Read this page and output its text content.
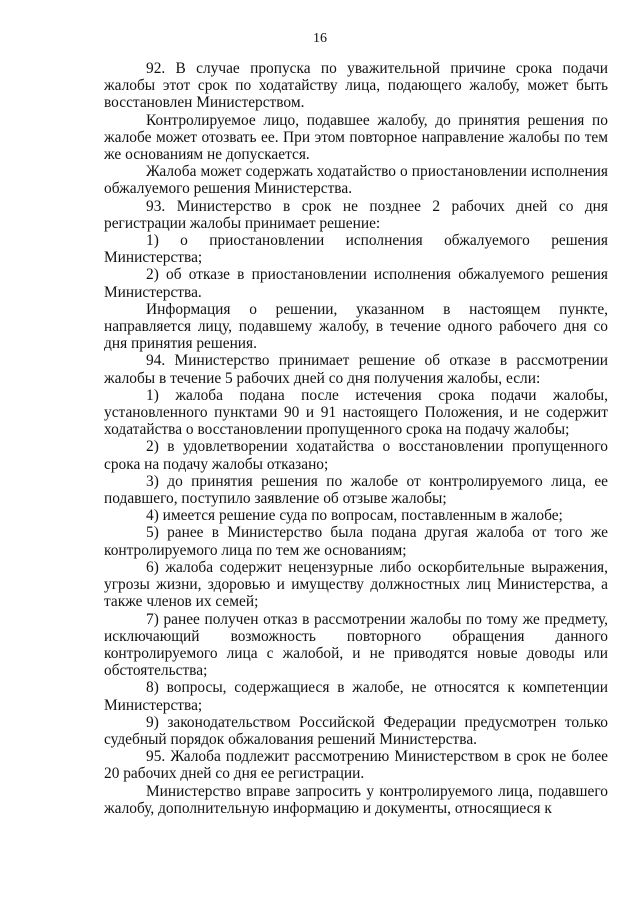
16

92. В случае пропуска по уважительной причине срока подачи жалобы этот срок по ходатайству лица, подающего жалобу, может быть восстановлен Министерством.

Контролируемое лицо, подавшее жалобу, до принятия решения по жалобе может отозвать ее. При этом повторное направление жалобы по тем же основаниям не допускается.

Жалоба может содержать ходатайство о приостановлении исполнения обжалуемого решения Министерства.

93. Министерство в срок не позднее 2 рабочих дней со дня регистрации жалобы принимает решение:

1) о приостановлении исполнения обжалуемого решения Министерства;

2) об отказе в приостановлении исполнения обжалуемого решения Министерства.

Информация о решении, указанном в настоящем пункте, направляется лицу, подавшему жалобу, в течение одного рабочего дня со дня принятия решения.

94. Министерство принимает решение об отказе в рассмотрении жалобы в течение 5 рабочих дней со дня получения жалобы, если:

1) жалоба подана после истечения срока подачи жалобы, установленного пунктами 90 и 91 настоящего Положения, и не содержит ходатайства о восстановлении пропущенного срока на подачу жалобы;

2) в удовлетворении ходатайства о восстановлении пропущенного срока на подачу жалобы отказано;

3) до принятия решения по жалобе от контролируемого лица, ее подавшего, поступило заявление об отзыве жалобы;

4) имеется решение суда по вопросам, поставленным в жалобе;

5) ранее в Министерство была подана другая жалоба от того же контролируемого лица по тем же основаниям;

6) жалоба содержит нецензурные либо оскорбительные выражения, угрозы жизни, здоровью и имуществу должностных лиц Министерства, а также членов их семей;

7) ранее получен отказ в рассмотрении жалобы по тому же предмету, исключающий возможность повторного обращения данного контролируемого лица с жалобой, и не приводятся новые доводы или обстоятельства;

8) вопросы, содержащиеся в жалобе, не относятся к компетенции Министерства;

9) законодательством Российской Федерации предусмотрен только судебный порядок обжалования решений Министерства.

95. Жалоба подлежит рассмотрению Министерством в срок не более 20 рабочих дней со дня ее регистрации.

Министерство вправе запросить у контролируемого лица, подавшего жалобу, дополнительную информацию и документы, относящиеся к
